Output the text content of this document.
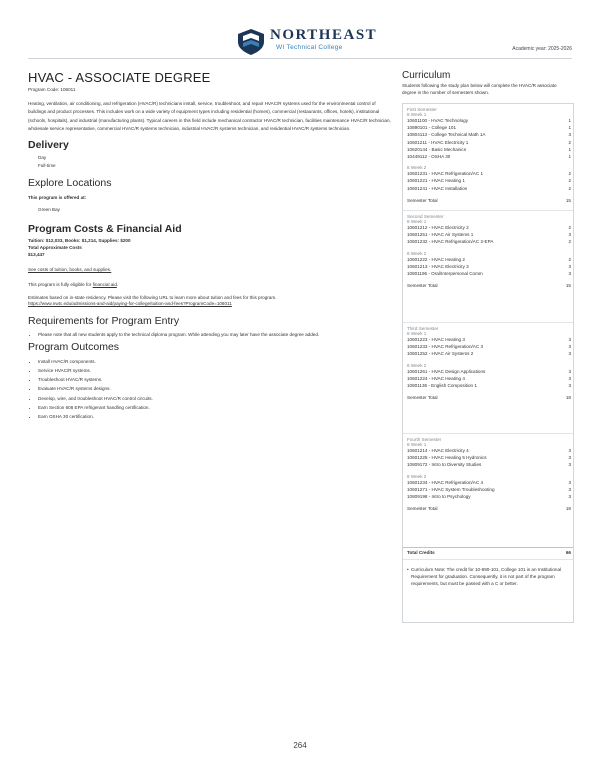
NORTHEAST
WI Technical College	Academic year: 2025-2026
HVAC - ASSOCIATE DEGREE
Program Code: 106011
Heating, ventilation, air conditioning, and refrigeration (HVAC/R) technicians install, service, troubleshoot, and repair HVAC/R systems used for the environmental control of buildings and product processes. This includes work on a wide variety of equipment types including residential (homes), commercial (restaurants, offices, hotels), institutional (schools, hospitals), and industrial (manufacturing plants). Typical careers in this field include mechanical contractor HVAC/R technician, facilities maintenance HVAC/R technician, wholesale service representative, commercial HVAC/R systems technician, industrial HVAC/R systems technician, and residential HVAC/R systems technician.
Delivery
Day
Full-time
Explore Locations
This program is offered at:
Green Bay
Program Costs & Financial Aid
Tuition: $12,033, Books: $1,214, Supplies: $200
Total Approximate Costs
$13,447
See costs of tuition, books, and supplies.
This program is fully eligible for financial aid.
Estimates based on in-state residency. Please visit the following URL to learn more about tuition and fees for this program.
https://www.nwtc.edu/admissions-and-aid/paying-for-college/tuition-and-fees?ProgramCode=106011
Requirements for Program Entry
• Please note that all new students apply to the technical diploma program. While attending you may later have the associate degree added.
Program Outcomes
• Install HVAC/R components.
• Service HVAC/R systems.
• Troubleshoot HVAC/R systems.
• Evaluate HVAC/R systems designs.
• Develop, wire, and troubleshoot HVAC/R control circuits.
• Earn Section 608 EPA refrigerant handling certification.
• Earn OSHA 30 certification.
Curriculum
Students following the study plan below will complete the HVAC/R associate degree in the number of semesters shown.
First Semester
8 Week 1
10601100 - HVAC Technology	1
10890101 - College 101	1
10804113 - College Technical Math 1A	3
10601211 - HVAC Electricity 1	2
10620144 - Basic Mechanics	1
10449112 - OSHA 30	1
8 Week 2
10601231 - HVAC Refrigeration/AC 1	2
10601221 - HVAC Heating 1	2
10601241 - HVAC Installation	2
Semester Total	15
Second Semester
8 Week 1
10601212 - HVAC Electricity 2	2
10601251 - HVAC Air Systems 1	3
10601232 - HVAC Refrigeration/AC 2-EPA	2
8 Week 2
10601222 - HVAC Heating 2	2
10601213 - HVAC Electricity 3	3
10801196 - Oral/Interpersonal Comm	3
Semester Total	15
Third Semester
8 Week 1
10601223 - HVAC Heating 3	3
10601233 - HVAC Refrigeration/AC 3	3
10601252 - HVAC Air Systems 2	3
8 Week 2
10601261 - HVAC Design Applications	3
10601224 - HVAC Heating 4	3
10801136 - English Composition 1	3
Semester Total	18
Fourth Semester
8 Week 1
10601214 - HVAC Electricity 4	3
10601225 - HVAC Heating 5 Hydronics	3
10809172 - Intro to Diversity Studies	3
8 Week 2
10601234 - HVAC Refrigeration/AC 4	3
10601271 - HVAC System Troubleshooting	3
10809198 - Intro to Psychology	3
Semester Total	18
Total Credits	66
• Curriculum Note: The credit for 10-890-101, College 101 is an Institutional Requirement for graduation. Consequently, it is not part of the program requirements, but must be passed with a C or better.
264
